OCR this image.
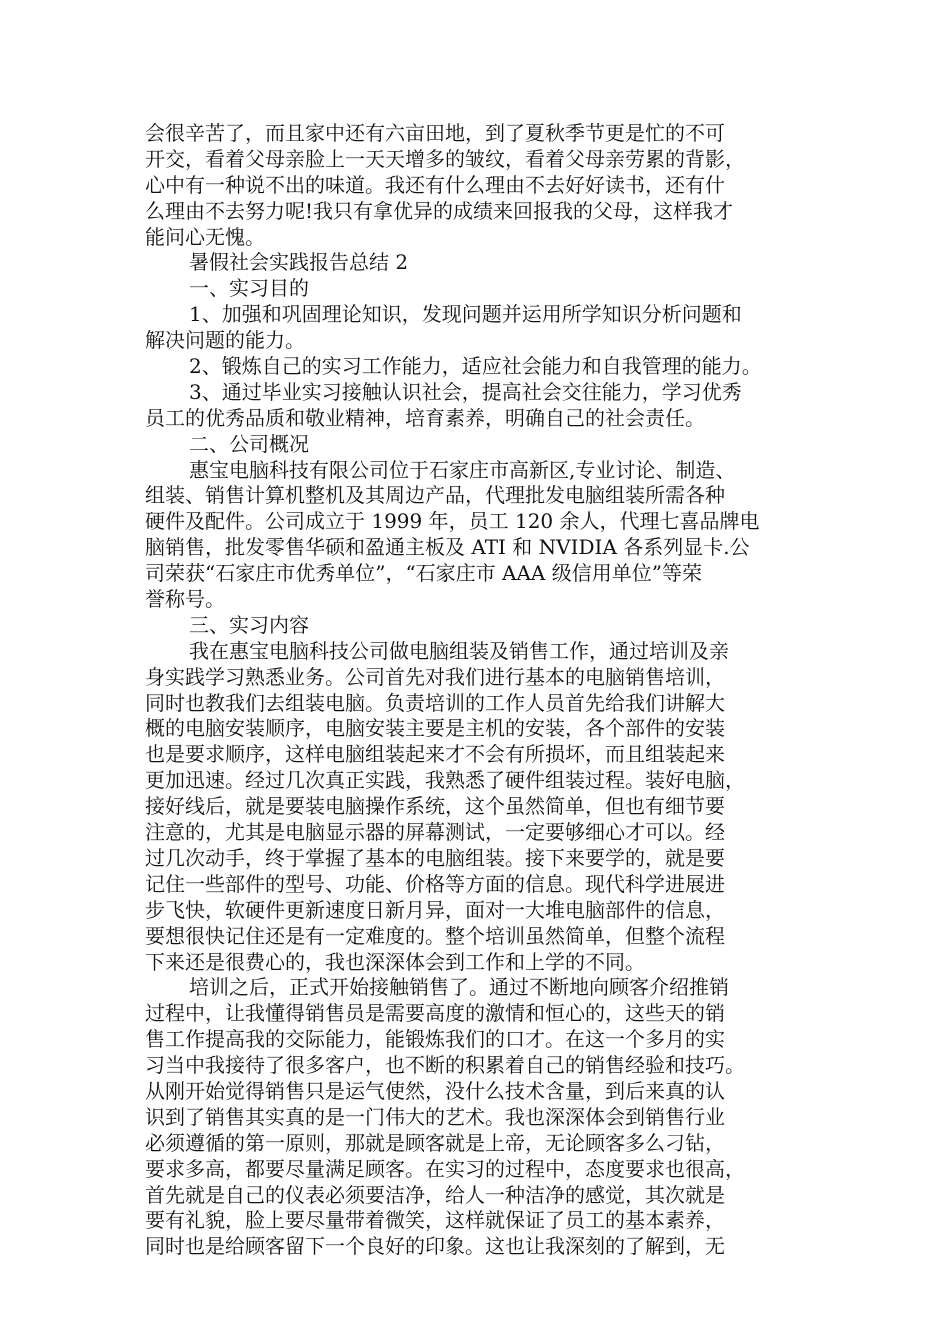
会很辛苦了，而且家中还有六亩田地，到了夏秋季节更是忙的不可
开交，看着父母亲脸上一天天增多的皱纹，看着父母亲劳累的背影，
心中有一种说不出的味道。我还有什么理由不去好好读书，还有什
么理由不去努力呢!我只有拿优异的成绩来回报我的父母，这样我才
能问心无愧。
暑假社会实践报告总结 2
一、实习目的
1、加强和巩固理论知识，发现问题并运用所学知识分析问题和
解决问题的能力。
2、锻炼自己的实习工作能力，适应社会能力和自我管理的能力。
3、通过毕业实习接触认识社会，提高社会交往能力，学习优秀
员工的优秀品质和敬业精神，培育素养，明确自己的社会责任。
二、公司概况
惠宝电脑科技有限公司位于石家庄市高新区,专业讨论、制造、
组装、销售计算机整机及其周边产品，代理批发电脑组装所需各种
硬件及配件。公司成立于 1999 年，员工 120 余人，代理七喜品牌电
脑销售，批发零售华硕和盈通主板及 ATI 和 NVIDIA 各系列显卡.公
司荣获“石家庄市优秀单位”，“石家庄市 AAA 级信用单位”等荣
誉称号。
三、实习内容
我在惠宝电脑科技公司做电脑组装及销售工作，通过培训及亲
身实践学习熟悉业务。公司首先对我们进行基本的电脑销售培训，
同时也教我们去组装电脑。负责培训的工作人员首先给我们讲解大
概的电脑安装顺序，电脑安装主要是主机的安装，各个部件的安装
也是要求顺序，这样电脑组装起来才不会有所损坏，而且组装起来
更加迅速。经过几次真正实践，我熟悉了硬件组装过程。装好电脑，
接好线后，就是要装电脑操作系统，这个虽然简单，但也有细节要
注意的，尤其是电脑显示器的屏幕测试，一定要够细心才可以。经
过几次动手，终于掌握了基本的电脑组装。接下来要学的，就是要
记住一些部件的型号、功能、价格等方面的信息。现代科学进展进
步飞快，软硬件更新速度日新月异，面对一大堆电脑部件的信息，
要想很快记住还是有一定难度的。整个培训虽然简单，但整个流程
下来还是很费心的，我也深深体会到工作和上学的不同。
培训之后，正式开始接触销售了。通过不断地向顾客介绍推销
过程中，让我懂得销售员是需要高度的激情和恒心的，这些天的销
售工作提高我的交际能力，能锻炼我们的口才。在这一个多月的实
习当中我接待了很多客户，也不断的积累着自己的销售经验和技巧。
从刚开始觉得销售只是运气使然，没什么技术含量，到后来真的认
识到了销售其实真的是一门伟大的艺术。我也深深体会到销售行业
必须遵循的第一原则，那就是顾客就是上帝，无论顾客多么刁钻，
要求多高，都要尽量满足顾客。在实习的过程中，态度要求也很高，
首先就是自己的仪表必须要洁净，给人一种洁净的感觉，其次就是
要有礼貌，脸上要尽量带着微笑，这样就保证了员工的基本素养，
同时也是给顾客留下一个良好的印象。这也让我深刻的了解到，无
